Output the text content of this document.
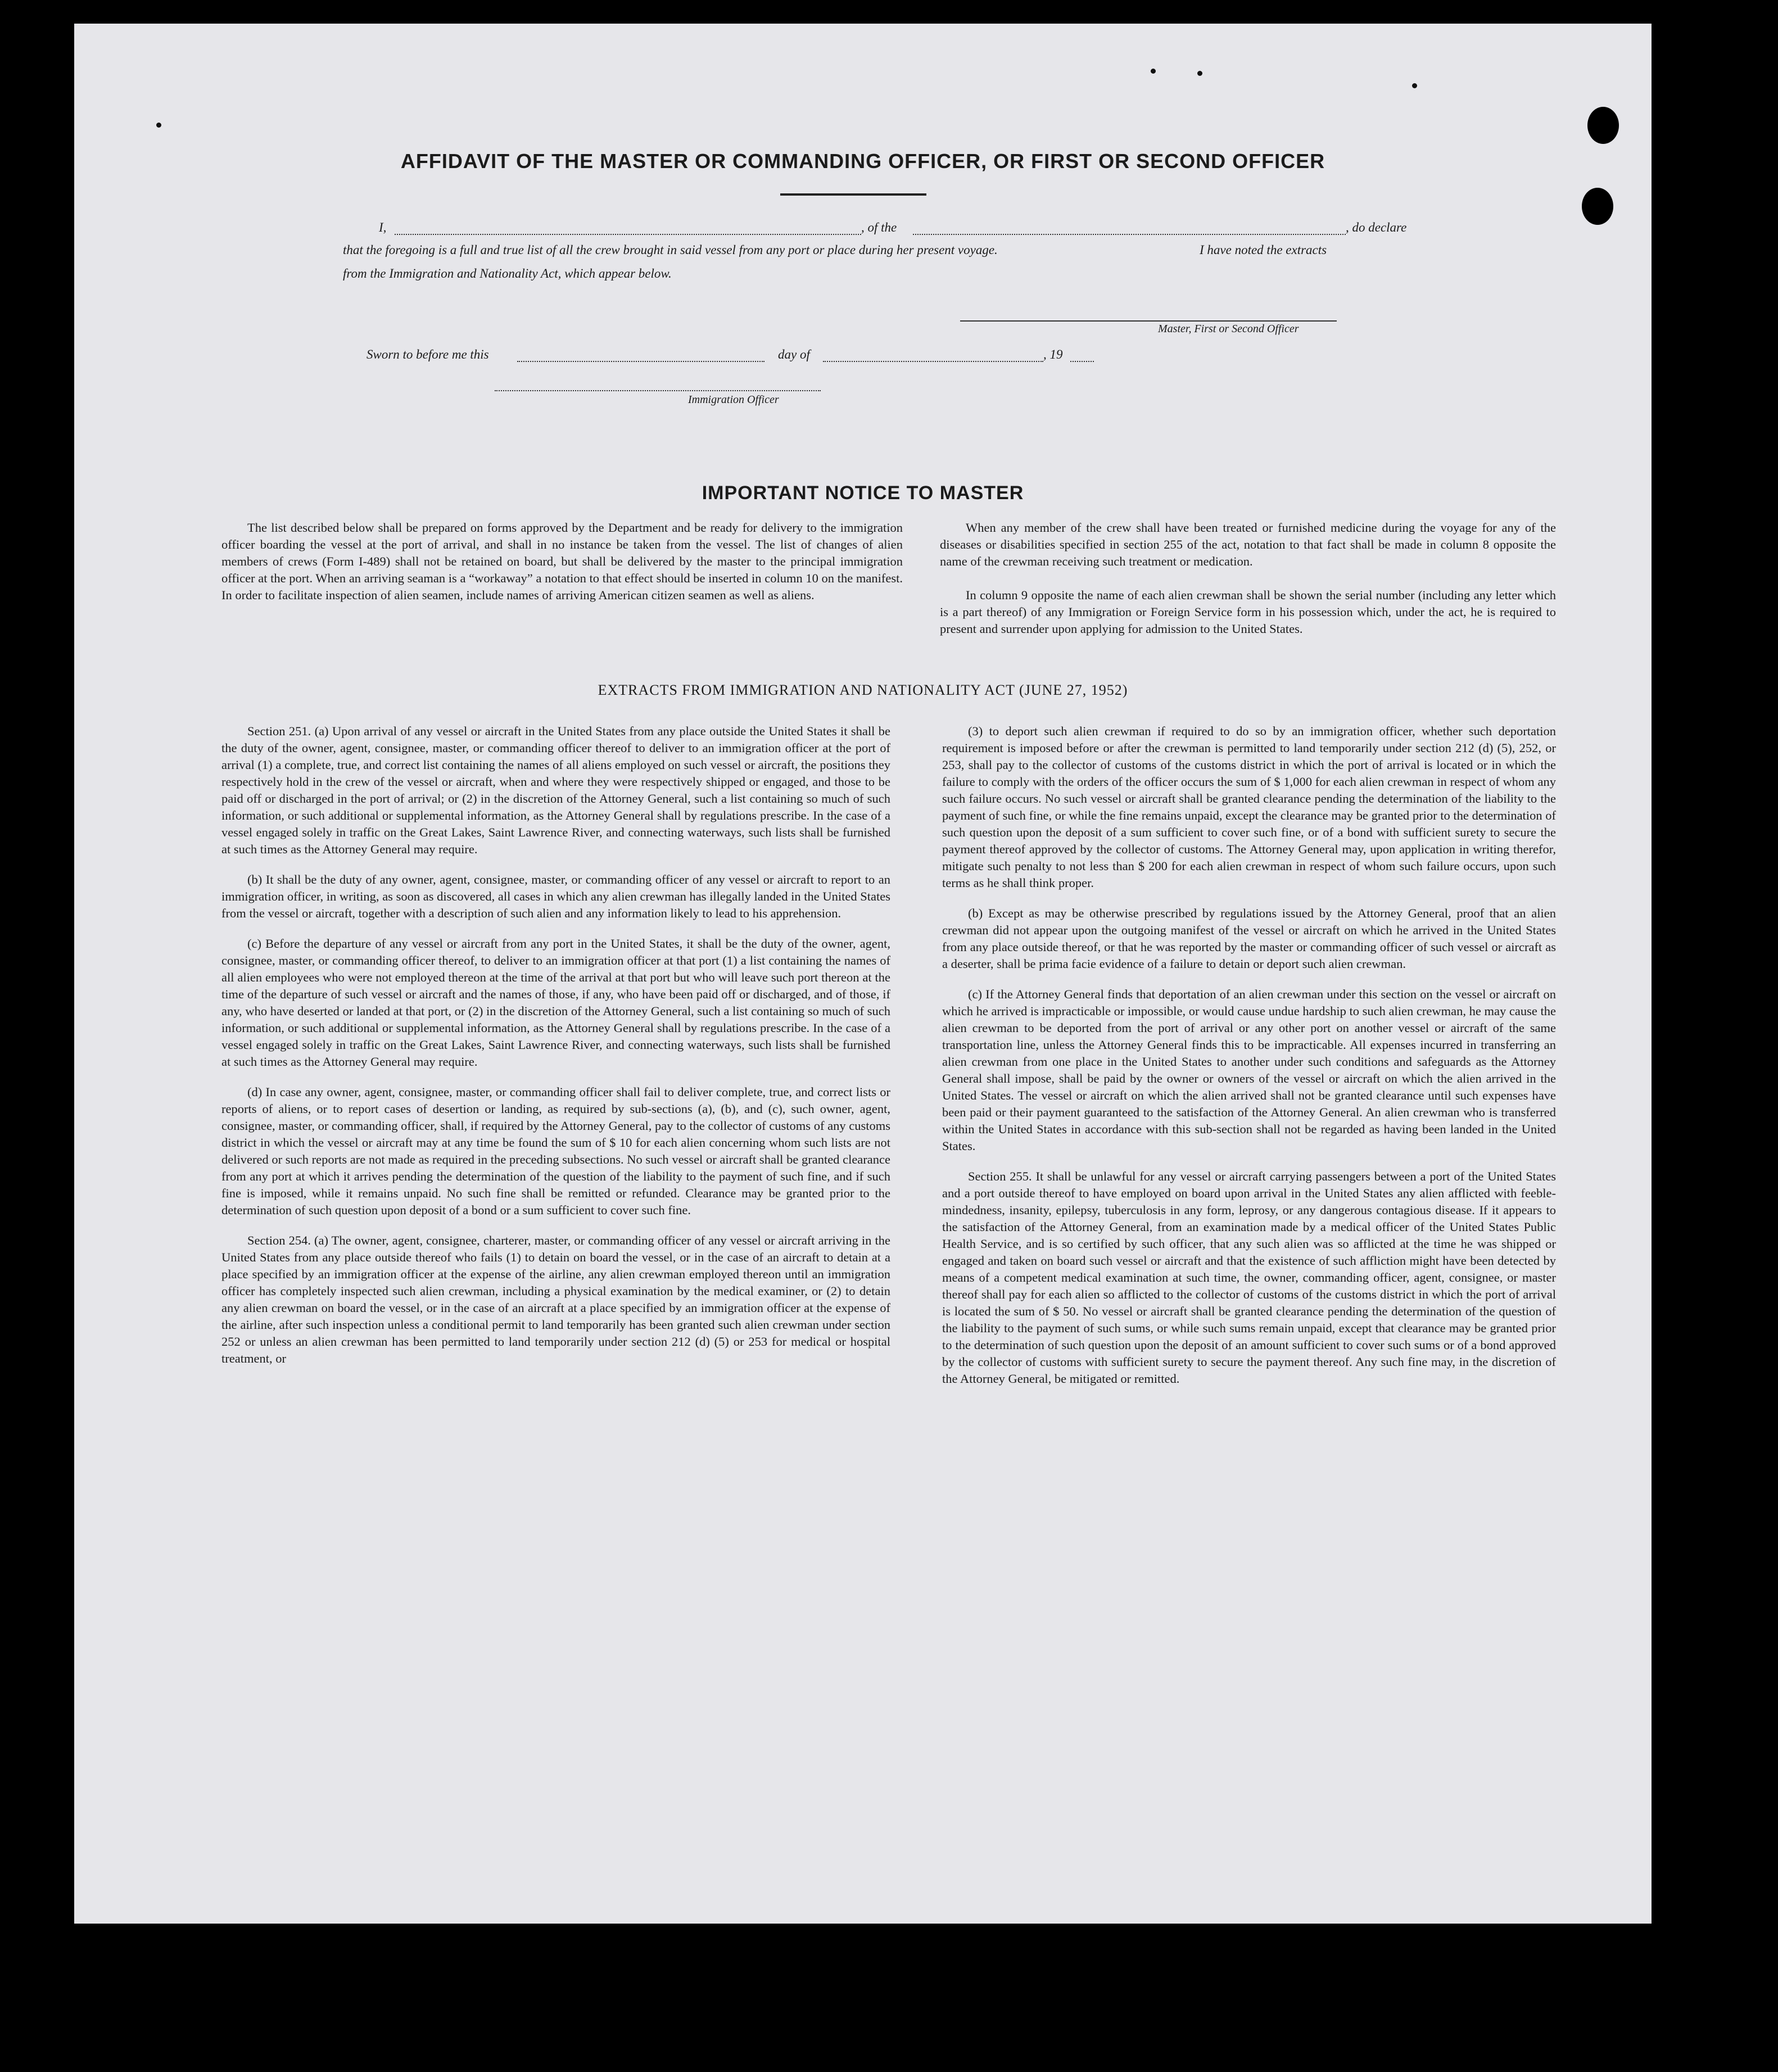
AFFIDAVIT OF THE MASTER OR COMMANDING OFFICER, OR FIRST OR SECOND OFFICER
I,	, of the	, do declare
that the foregoing is a full and true list of all the crew brought in said vessel from any port or place during her present voyage.	I have noted the extracts
from the Immigration and Nationality Act, which appear below.
Master, First or Second Officer
Sworn to before me this	day of	, 19
Immigration Officer
IMPORTANT NOTICE TO MASTER

The list described below shall be prepared on forms approved by the Department and be ready for delivery to the immigration officer boarding the vessel at the port of arrival, and shall in no instance be taken from the vessel. The list of changes of alien members of crews (Form I-489) shall not be retained on board, but shall be delivered by the master to the principal immigration officer at the port. When an arriving seaman is a “workaway” a notation to that effect should be inserted in column 10 on the manifest. In order to facilitate inspection of alien seamen, include names of arriving American citizen seamen as well as aliens.

When any member of the crew shall have been treated or furnished medicine during the voyage for any of the diseases or disabilities specified in section 255 of the act, notation to that fact shall be made in column 8 opposite the name of the crewman receiving such treatment or medication.

In column 9 opposite the name of each alien crewman shall be shown the serial number (including any letter which is a part thereof) of any Immigration or Foreign Service form in his possession which, under the act, he is required to present and surrender upon applying for admission to the United States.

EXTRACTS FROM IMMIGRATION AND NATIONALITY ACT (JUNE 27, 1952)

Section 251. (a) Upon arrival of any vessel or aircraft in the United States from any place outside the United States it shall be the duty of the owner, agent, consignee, master, or commanding officer thereof to deliver to an immigration officer at the port of arrival (1) a complete, true, and correct list containing the names of all aliens employed on such vessel or aircraft, the positions they respectively hold in the crew of the vessel or aircraft, when and where they were respectively shipped or engaged, and those to be paid off or discharged in the port of arrival; or (2) in the discretion of the Attorney General, such a list containing so much of such information, or such additional or supplemental information, as the Attorney General shall by regulations prescribe. In the case of a vessel engaged solely in traffic on the Great Lakes, Saint Lawrence River, and connecting waterways, such lists shall be furnished at such times as the Attorney General may require.

(b) It shall be the duty of any owner, agent, consignee, master, or commanding officer of any vessel or aircraft to report to an immigration officer, in writing, as soon as discovered, all cases in which any alien crewman has illegally landed in the United States from the vessel or aircraft, together with a description of such alien and any information likely to lead to his apprehension.

(c) Before the departure of any vessel or aircraft from any port in the United States, it shall be the duty of the owner, agent, consignee, master, or commanding officer thereof, to deliver to an immigration officer at that port (1) a list containing the names of all alien employees who were not employed thereon at the time of the arrival at that port but who will leave such port thereon at the time of the departure of such vessel or aircraft and the names of those, if any, who have been paid off or discharged, and of those, if any, who have deserted or landed at that port, or (2) in the discretion of the Attorney General, such a list containing so much of such information, or such additional or supplemental information, as the Attorney General shall by regulations prescribe. In the case of a vessel engaged solely in traffic on the Great Lakes, Saint Lawrence River, and connecting waterways, such lists shall be furnished at such times as the Attorney General may require.

(d) In case any owner, agent, consignee, master, or commanding officer shall fail to deliver complete, true, and correct lists or reports of aliens, or to report cases of desertion or landing, as required by sub-sections (a), (b), and (c), such owner, agent, consignee, master, or commanding officer, shall, if required by the Attorney General, pay to the collector of customs of any customs district in which the vessel or aircraft may at any time be found the sum of $ 10 for each alien concerning whom such lists are not delivered or such reports are not made as required in the preceding subsections. No such vessel or aircraft shall be granted clearance from any port at which it arrives pending the determination of the question of the liability to the payment of such fine, and if such fine is imposed, while it remains unpaid. No such fine shall be remitted or refunded. Clearance may be granted prior to the determination of such question upon deposit of a bond or a sum sufficient to cover such fine.

Section 254. (a) The owner, agent, consignee, charterer, master, or commanding officer of any vessel or aircraft arriving in the United States from any place outside thereof who fails (1) to detain on board the vessel, or in the case of an aircraft to detain at a place specified by an immigration officer at the expense of the airline, any alien crewman employed thereon until an immigration officer has completely inspected such alien crewman, including a physical examination by the medical examiner, or (2) to detain any alien crewman on board the vessel, or in the case of an aircraft at a place specified by an immigration officer at the expense of the airline, after such inspection unless a conditional permit to land temporarily has been granted such alien crewman under section 252 or unless an alien crewman has been permitted to land temporarily under section 212 (d) (5) or 253 for medical or hospital treatment, or

(3) to deport such alien crewman if required to do so by an immigration officer, whether such deportation requirement is imposed before or after the crewman is permitted to land temporarily under section 212 (d) (5), 252, or 253, shall pay to the collector of customs of the customs district in which the port of arrival is located or in which the failure to comply with the orders of the officer occurs the sum of $ 1,000 for each alien crewman in respect of whom any such failure occurs. No such vessel or aircraft shall be granted clearance pending the determination of the liability to the payment of such fine, or while the fine remains unpaid, except the clearance may be granted prior to the determination of such question upon the deposit of a sum sufficient to cover such fine, or of a bond with sufficient surety to secure the payment thereof approved by the collector of customs. The Attorney General may, upon application in writing therefor, mitigate such penalty to not less than $ 200 for each alien crewman in respect of whom such failure occurs, upon such terms as he shall think proper.

(b) Except as may be otherwise prescribed by regulations issued by the Attorney General, proof that an alien crewman did not appear upon the outgoing manifest of the vessel or aircraft on which he arrived in the United States from any place outside thereof, or that he was reported by the master or commanding officer of such vessel or aircraft as a deserter, shall be prima facie evidence of a failure to detain or deport such alien crewman.

(c) If the Attorney General finds that deportation of an alien crewman under this section on the vessel or aircraft on which he arrived is impracticable or impossible, or would cause undue hardship to such alien crewman, he may cause the alien crewman to be deported from the port of arrival or any other port on another vessel or aircraft of the same transportation line, unless the Attorney General finds this to be impracticable. All expenses incurred in transferring an alien crewman from one place in the United States to another under such conditions and safeguards as the Attorney General shall impose, shall be paid by the owner or owners of the vessel or aircraft on which the alien arrived in the United States. The vessel or aircraft on which the alien arrived shall not be granted clearance until such expenses have been paid or their payment guaranteed to the satisfaction of the Attorney General. An alien crewman who is transferred within the United States in accordance with this sub-section shall not be regarded as having been landed in the United States.

Section 255. It shall be unlawful for any vessel or aircraft carrying passengers between a port of the United States and a port outside thereof to have employed on board upon arrival in the United States any alien afflicted with feeble-mindedness, insanity, epilepsy, tuberculosis in any form, leprosy, or any dangerous contagious disease. If it appears to the satisfaction of the Attorney General, from an examination made by a medical officer of the United States Public Health Service, and is so certified by such officer, that any such alien was so afflicted at the time he was shipped or engaged and taken on board such vessel or aircraft and that the existence of such affliction might have been detected by means of a competent medical examination at such time, the owner, commanding officer, agent, consignee, or master thereof shall pay for each alien so afflicted to the collector of customs of the customs district in which the port of arrival is located the sum of $ 50. No vessel or aircraft shall be granted clearance pending the determination of the question of the liability to the payment of such sums, or while such sums remain unpaid, except that clearance may be granted prior to the determination of such question upon the deposit of an amount sufficient to cover such sums or of a bond approved by the collector of customs with sufficient surety to secure the payment thereof. Any such fine may, in the discretion of the Attorney General, be mitigated or remitted.
